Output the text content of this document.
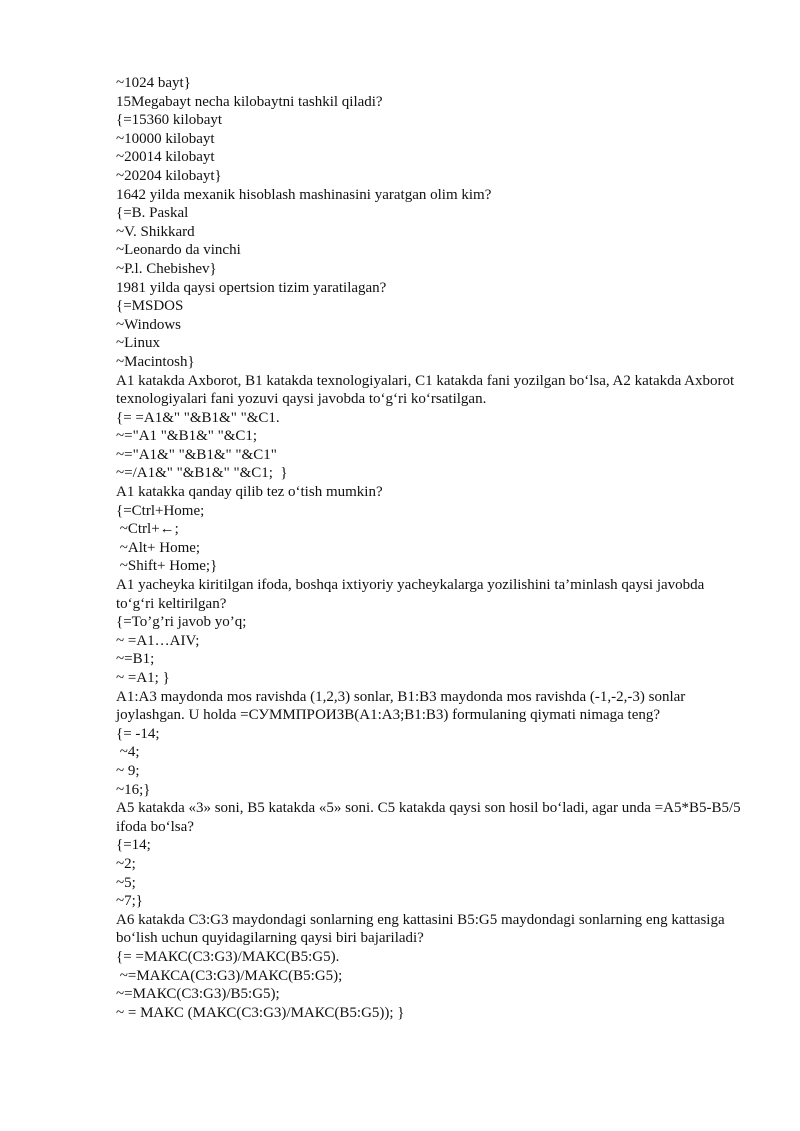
~1024 bayt}

15Megabayt necha kilobaytni tashkil qiladi?

{=15360 kilobayt

~10000 kilobayt

~20014 kilobayt

~20204 kilobayt}

1642 yilda mexanik hisoblash mashinasini yaratgan olim kim?

{=B. Paskal

~V. Shikkard

~Leonardo da vinchi

~P.l. Chebishev}

1981 yilda qaysi opertsion tizim yaratilagan?

{=MSDOS

~Windows

~Linux

~Macintosh}

A1 katakda Axborot, B1 katakda texnologiyalari, C1 katakda fani yozilgan bo‘lsa, A2 katakda Axborot texnologiyalari fani yozuvi qaysi javobda to‘g‘ri ko‘rsatilgan.

{= =A1&" "&B1&" "&C1.

~="A1 "&B1&" "&C1;

~="A1&" "&B1&" "&C1"

~=/A1&" "&B1&" "&C1;  }

A1 katakka qanday qilib tez o‘tish mumkin?

{=Ctrl+Home;

~Ctrl+←;

~Alt+ Home;

~Shift+ Home;}

A1 yacheyka kiritilgan ifoda, boshqa ixtiyoriy yacheykalarga yozilishini ta’minlash qaysi javobda to‘g‘ri keltirilgan?

{=To’g’ri javob yo’q;

~ =A1…AIV;

~=B1;

~ =A1; }

A1:A3 maydonda mos ravishda (1,2,3) sonlar, B1:B3 maydonda mos ravishda (-1,-2,-3) sonlar joylashgan. U holda =СУММПРОИЗВ(A1:A3;B1:B3) formulaning qiymati nimaga teng?

{= -14;

~4;

~ 9;

~16;}

A5 katakda «3» soni, B5 katakda «5» soni. C5 katakda qaysi son hosil bo‘ladi, agar unda =A5*B5-B5/5 ifoda bo‘lsa?

{=14;

~2;

~5;

~7;}

A6 katakda C3:G3 maydondagi sonlarning eng kattasini B5:G5 maydondagi sonlarning eng kattasiga bo‘lish uchun quyidagilarning qaysi biri bajariladi?

{= =МАКС(C3:G3)/МАКС(B5:G5).

~=МАКСА(C3:G3)/МАКС(B5:G5);

~=МАКС(C3:G3)/B5:G5);

~ = МАКС (МАКС(C3:G3)/МАКС(B5:G5)); }
